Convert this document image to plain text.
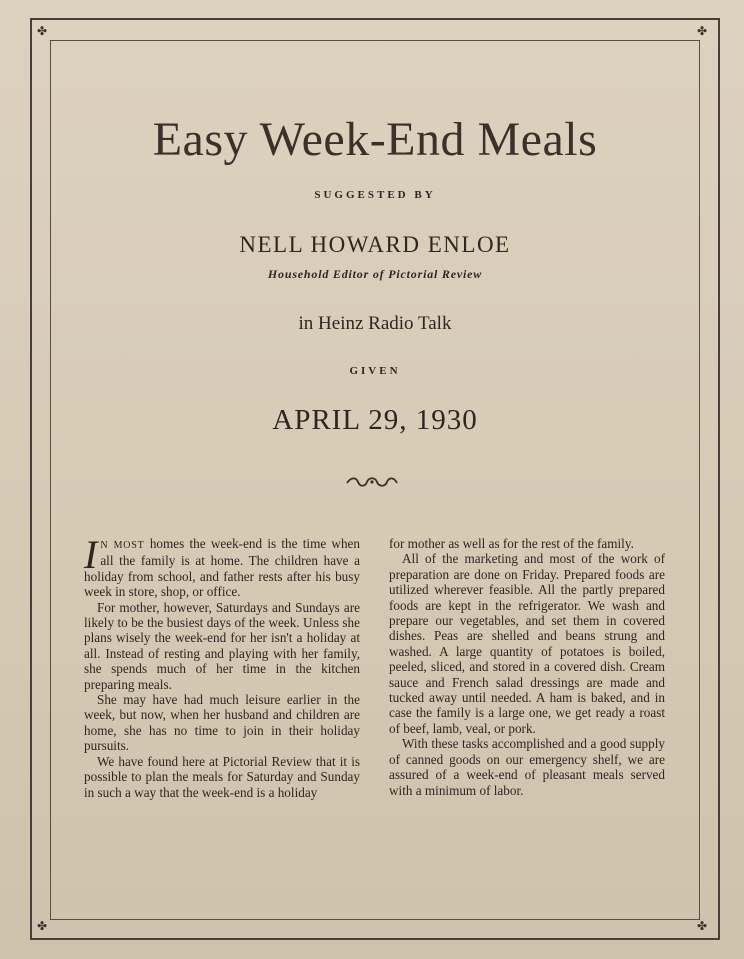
✤	✤
✤	✤
Easy Week-End Meals
SUGGESTED BY
NELL HOWARD ENLOE
Household Editor of Pictorial Review
in Heinz Radio Talk
GIVEN
APRIL 29, 1930

IN MOST homes the week-end is the time when all the family is at home. The children have a holiday from school, and father rests after his busy week in store, shop, or office.

For mother, however, Saturdays and Sundays are likely to be the busiest days of the week. Unless she plans wisely the week-end for her isn't a holiday at all. Instead of resting and playing with her family, she spends much of her time in the kitchen preparing meals.

She may have had much leisure earlier in the week, but now, when her husband and children are home, she has no time to join in their holiday pursuits.

We have found here at Pictorial Review that it is possible to plan the meals for Saturday and Sunday in such a way that the week-end is a holiday

for mother as well as for the rest of the family.

All of the marketing and most of the work of preparation are done on Friday. Prepared foods are utilized wherever feasible. All the partly prepared foods are kept in the refrigerator. We wash and prepare our vegetables, and set them in covered dishes. Peas are shelled and beans strung and washed. A large quantity of potatoes is boiled, peeled, sliced, and stored in a covered dish. Cream sauce and French salad dressings are made and tucked away until needed. A ham is baked, and in case the family is a large one, we get ready a roast of beef, lamb, veal, or pork.

With these tasks accomplished and a good supply of canned goods on our emergency shelf, we are assured of a week-end of pleasant meals served with a minimum of labor.
